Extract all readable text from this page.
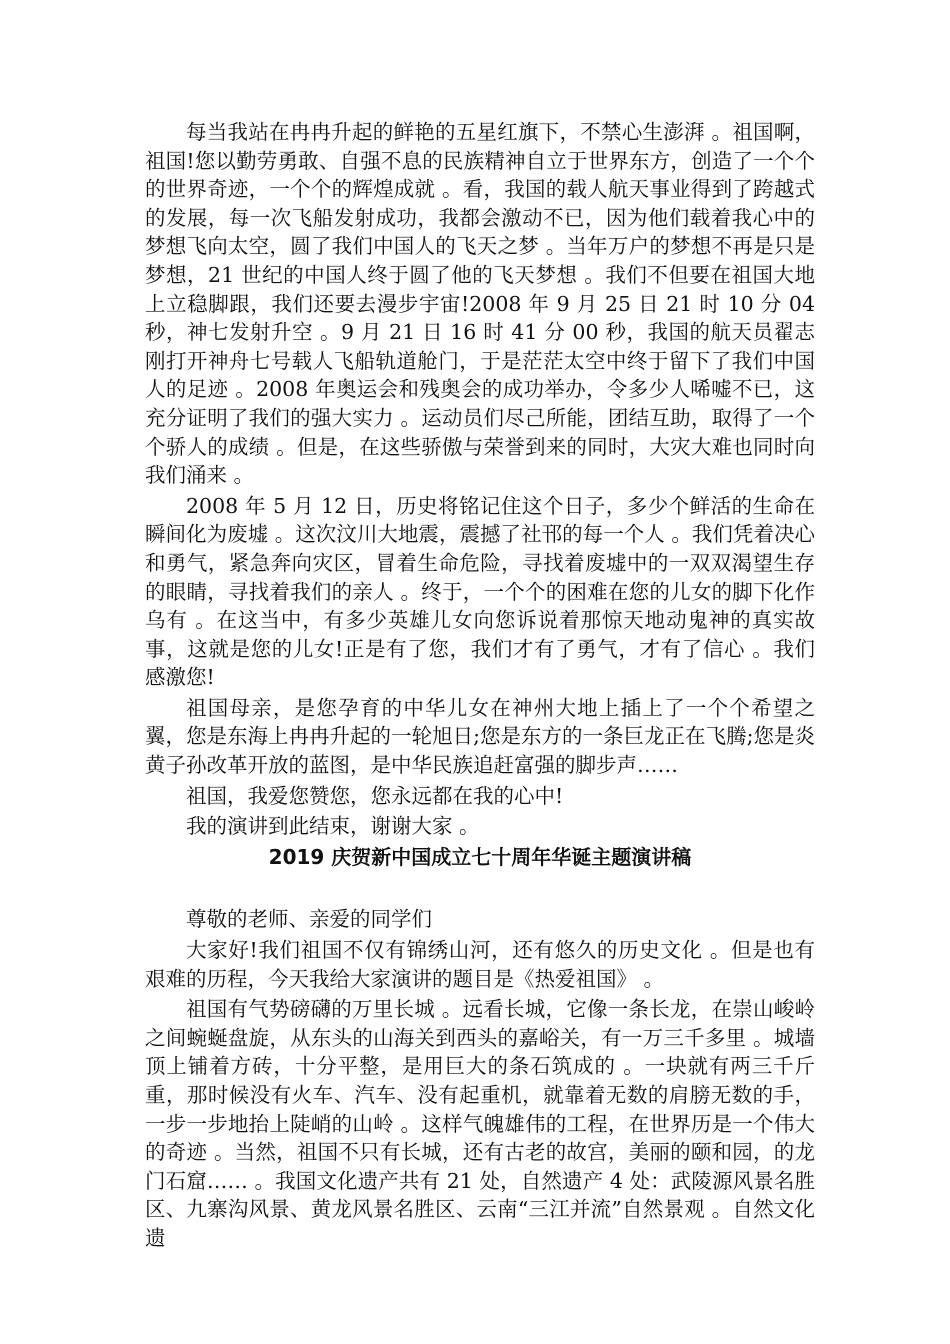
每当我站在冉冉升起的鲜艳的五星红旗下，不禁心生澎湃 。祖国啊，祖国!您以勤劳勇敢、自强不息的民族精神自立于世界东方，创造了一个个的世界奇迹，一个个的辉煌成就 。看，我国的载人航天事业得到了跨越式的发展，每一次飞船发射成功，我都会激动不已，因为他们载着我心中的梦想飞向太空，圆了我们中国人的飞天之梦 。当年万户的梦想不再是只是梦想，21 世纪的中国人终于圆了他的飞天梦想 。我们不但要在祖国大地上立稳脚跟，我们还要去漫步宇宙!2008 年 9 月 25 日 21 时 10 分 04 秒，神七发射升空 。9 月 21 日 16 时 41 分 00 秒，我国的航天员翟志刚打开神舟七号载人飞船轨道舱门，于是茫茫太空中终于留下了我们中国人的足迹 。2008 年奥运会和残奥会的成功举办，令多少人唏嘘不已，这充分证明了我们的强大实力 。运动员们尽己所能，团结互助，取得了一个个骄人的成绩 。但是，在这些骄傲与荣誉到来的同时，大灾大难也同时向我们涌来 。

2008 年 5 月 12 日，历史将铭记住这个日子，多少个鲜活的生命在瞬间化为废墟 。这次汶川大地震，震撼了社邗的每一个人 。我们凭着决心和勇气，紧急奔向灾区，冒着生命危险，寻找着废墟中的一双双渴望生存的眼睛，寻找着我们的亲人 。终于，一个个的困难在您的儿女的脚下化作乌有 。在这当中，有多少英雄儿女向您诉说着那惊天地动鬼神的真实故事，这就是您的儿女!正是有了您，我们才有了勇气，才有了信心 。我们感激您!

祖国母亲，是您孕育的中华儿女在神州大地上插上了一个个希望之翼，您是东海上冉冉升起的一轮旭日;您是东方的一条巨龙正在飞腾;您是炎黄子孙改革开放的蓝图，是中华民族追赶富强的脚步声……

祖国，我爱您赞您，您永远都在我的心中!

我的演讲到此结束，谢谢大家 。

2019 庆贺新中国成立七十周年华诞主题演讲稿

尊敬的老师、亲爱的同学们

大家好!我们祖国不仅有锦绣山河，还有悠久的历史文化 。但是也有艰难的历程，今天我给大家演讲的题目是《热爱祖国》 。

祖国有气势磅礴的万里长城 。远看长城，它像一条长龙，在崇山峻岭之间蜿蜒盘旋，从东头的山海关到西头的嘉峪关，有一万三千多里 。城墙顶上铺着方砖，十分平整，是用巨大的条石筑成的 。一块就有两三千斤重，那时候没有火车、汽车、没有起重机，就靠着无数的肩膀无数的手，一步一步地抬上陡峭的山岭 。这样气魄雄伟的工程，在世界历是一个伟大的奇迹 。当然，祖国不只有长城，还有古老的故宫，美丽的颐和园，的龙门石窟…… 。我国文化遗产共有 21 处，自然遗产 4 处：武陵源风景名胜区、九寨沟风景、黄龙风景名胜区、云南“三江并流”自然景观 。自然文化遗
